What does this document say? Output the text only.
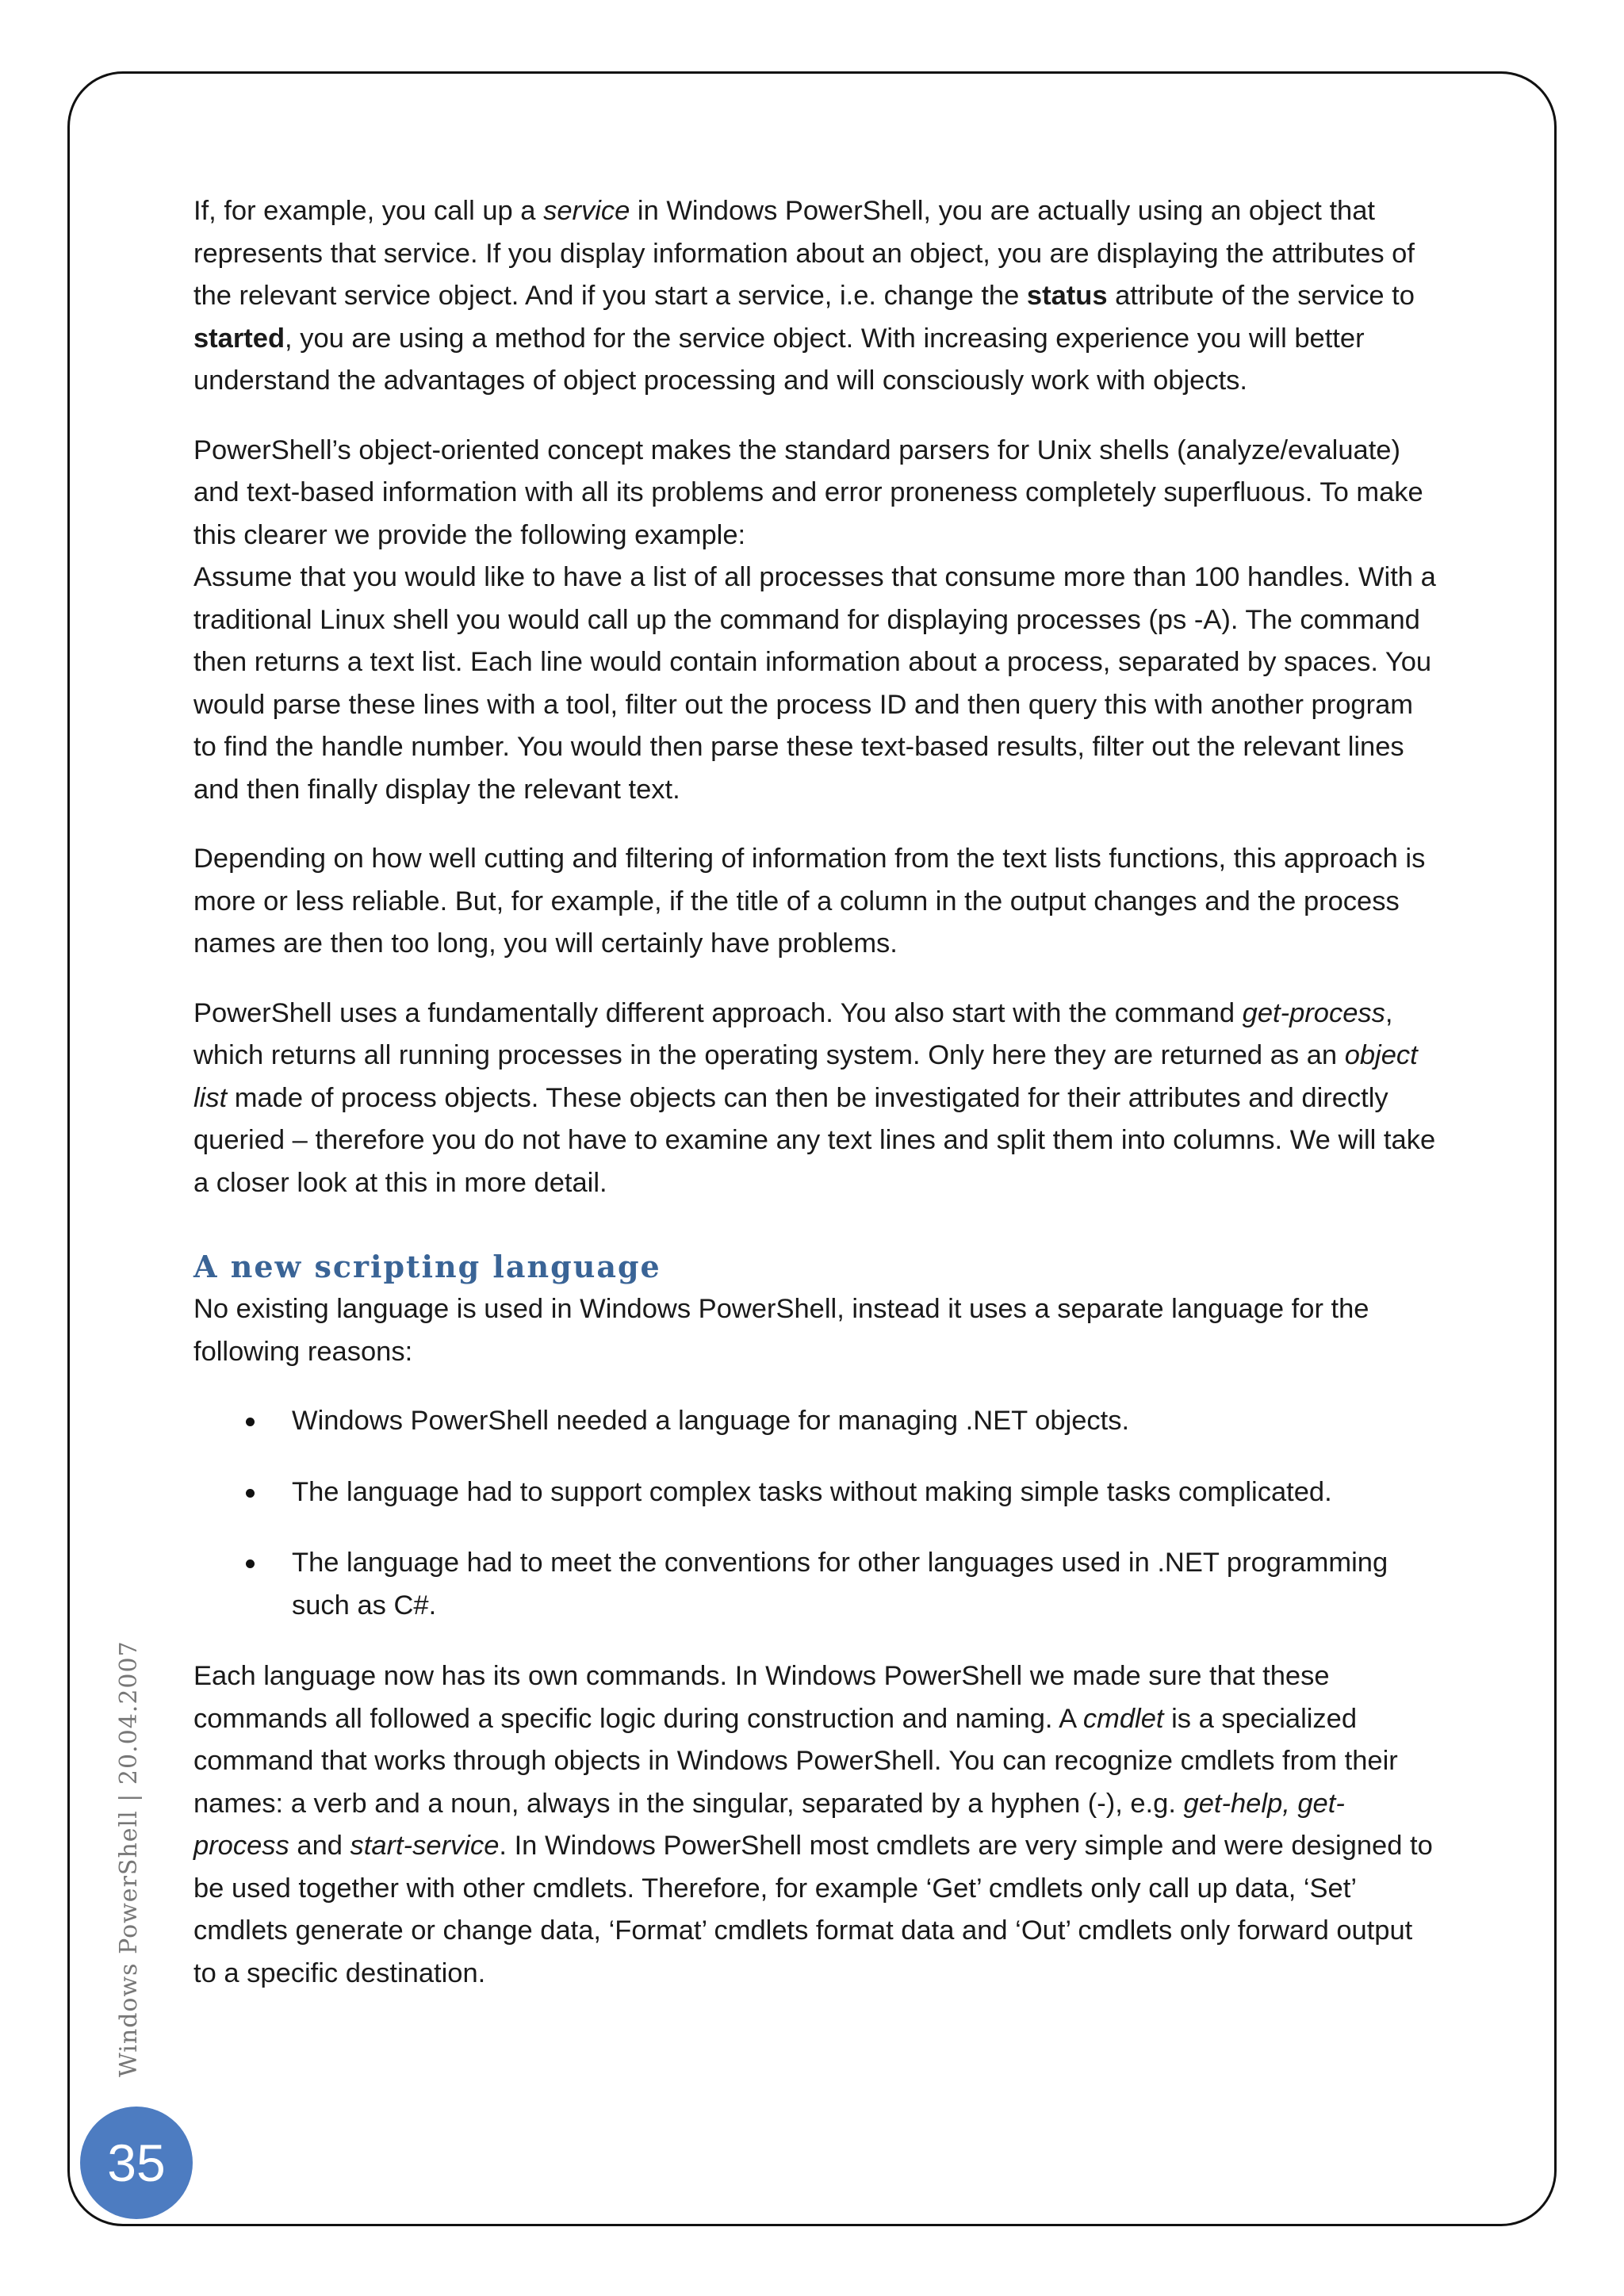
If, for example, you call up a service in Windows PowerShell, you are actually using an object that represents that service. If you display information about an object, you are displaying the attributes of the relevant service object. And if you start a service, i.e. change the status attribute of the service to started, you are using a method for the service object. With increasing experience you will better understand the advantages of object processing and will consciously work with objects.

PowerShell’s object-oriented concept makes the standard parsers for Unix shells (analyze/evaluate) and text-based information with all its problems and error proneness completely superfluous. To make this clearer we provide the following example:

Assume that you would like to have a list of all processes that consume more than 100 handles. With a traditional Linux shell you would call up the command for displaying processes (ps -A). The command then returns a text list. Each line would contain information about a process, separated by spaces. You would parse these lines with a tool, filter out the process ID and then query this with another program to find the handle number. You would then parse these text-based results, filter out the relevant lines and then finally display the relevant text.

Depending on how well cutting and filtering of information from the text lists functions, this approach is more or less reliable. But, for example, if the title of a column in the output changes and the process names are then too long, you will certainly have problems.

PowerShell uses a fundamentally different approach. You also start with the command get-process, which returns all running processes in the operating system. Only here they are returned as an object list made of process objects. These objects can then be investigated for their attributes and directly queried – therefore you do not have to examine any text lines and split them into columns. We will take a closer look at this in more detail.

A new scripting language

No existing language is used in Windows PowerShell, instead it uses a separate language for the following reasons:

Windows PowerShell needed a language for managing .NET objects.
The language had to support complex tasks without making simple tasks complicated.
The language had to meet the conventions for other languages used in .NET programming such as C#.

Each language now has its own commands. In Windows PowerShell we made sure that these commands all followed a specific logic during construction and naming. A cmdlet is a specialized command that works through objects in Windows PowerShell. You can recognize cmdlets from their names: a verb and a noun, always in the singular, separated by a hyphen (-), e.g. get-help, get-process and start-service. In Windows PowerShell most cmdlets are very simple and were designed to be used together with other cmdlets. Therefore, for example ‘Get’ cmdlets only call up data, ‘Set’ cmdlets generate or change data, ‘Format’ cmdlets format data and ‘Out’ cmdlets only forward output to a specific destination.

Windows PowerShell | 20.04.2007
35
